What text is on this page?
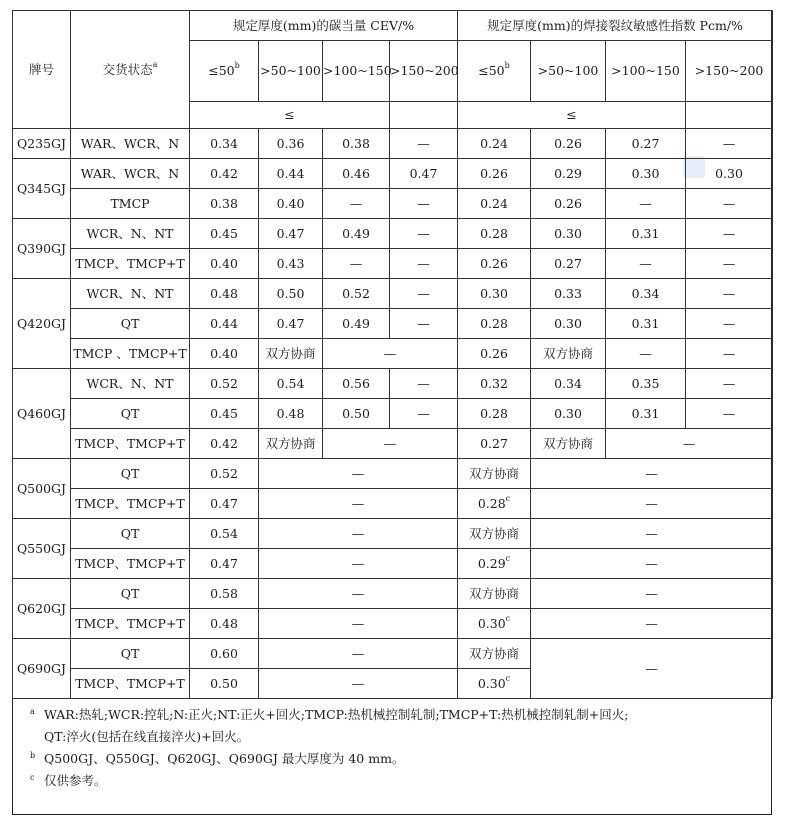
牌号	交货状态$^a$	规定厚度(mm)的碳当量 CEV/%				规定厚度(mm)的焊接裂纹敏感性指数 Pcm/%			
		$\le 50^b$	>50~100	>100~150	>150~200	$\le 50^b$	>50~100	>100~150	>150~200
		≤				≤			
Q235GJ	WAR、WCR、N	0.34	0.36	0.38	—	0.24	0.26	0.27	—
Q345GJ	WAR、WCR、N	0.42	0.44	0.46	0.47	0.26	0.29	0.30	0.30
	TMCP	0.38	0.40	—	—	0.24	0.26	—	—
Q390GJ	WCR、N、NT	0.45	0.47	0.49	—	0.28	0.30	0.31	—
	TMCP、TMCP+T	0.40	0.43	—	—	0.26	0.27	—	—
Q420GJ	WCR、N、NT	0.48	0.50	0.52	—	0.30	0.33	0.34	—
	QT	0.44	0.47	0.49	—	0.28	0.30	0.31	—
	TMCP 、TMCP+T	0.40	双方协商	—		0.26	双方协商	—	—
Q460GJ	WCR、N、NT	0.52	0.54	0.56	—	0.32	0.34	0.35	—
	QT	0.45	0.48	0.50	—	0.28	0.30	0.31	—
	TMCP、TMCP+T	0.42	双方协商	—		0.27	双方协商	—	
Q500GJ	QT	0.52	—			双方协商	—		
	TMCP、TMCP+T	0.47	—			0.28$^c$	—		
Q550GJ	QT	0.54	—			双方协商	—		
	TMCP、TMCP+T	0.47	—			0.29$^c$	—		
Q620GJ	QT	0.58	—			双方协商	—		
	TMCP、TMCP+T	0.48	—			0.30$^c$	—		
Q690GJ	QT	0.60	—			双方协商	—		
	TMCP、TMCP+T	0.50	—			0.30$^c$
a WAR:热轧;WCR:控轧;N:正火;NT:正火+回火;TMCP:热机械控制轧制;TMCP+T:热机械控制轧制+回火;
QT:淬火(包括在线直接淬火)+回火。
b Q500GJ、Q550GJ、Q620GJ、Q690GJ 最大厚度为 40 mm。
c 仅供参考。
